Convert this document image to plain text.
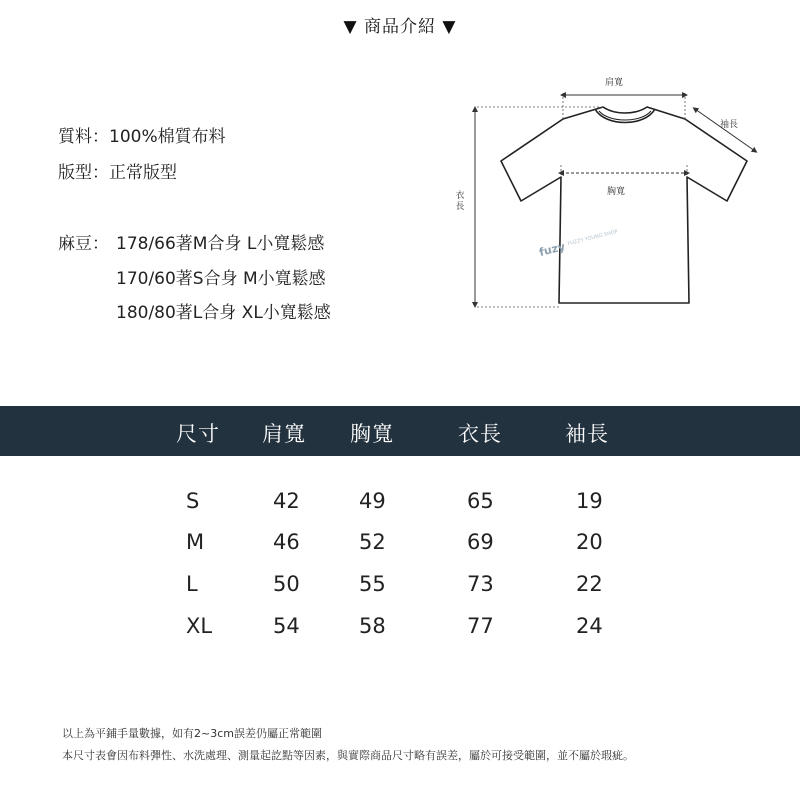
▼ 商品介紹 ▼
質料：100%棉質布料
版型：正常版型
麻豆： 178/66著M合身 L小寬鬆感
170/60著S合身 M小寬鬆感
180/80著L合身 XL小寬鬆感
肩寬
袖長
胸寬
衣長
fuzy
FUZZY YOUNG SHOP
尺寸 肩寬 胸寬	衣長	袖長
S	42	49	65	19
M	46	52	69	20
L	50	55	73	22
XL	54	58	77	24
以上為平鋪手量數據，如有2~3cm誤差仍屬正常範圍
本尺寸表會因布料彈性、水洗處理、測量起訖點等因素，與實際商品尺寸略有誤差，屬於可接受範圍，並不屬於瑕疵。
